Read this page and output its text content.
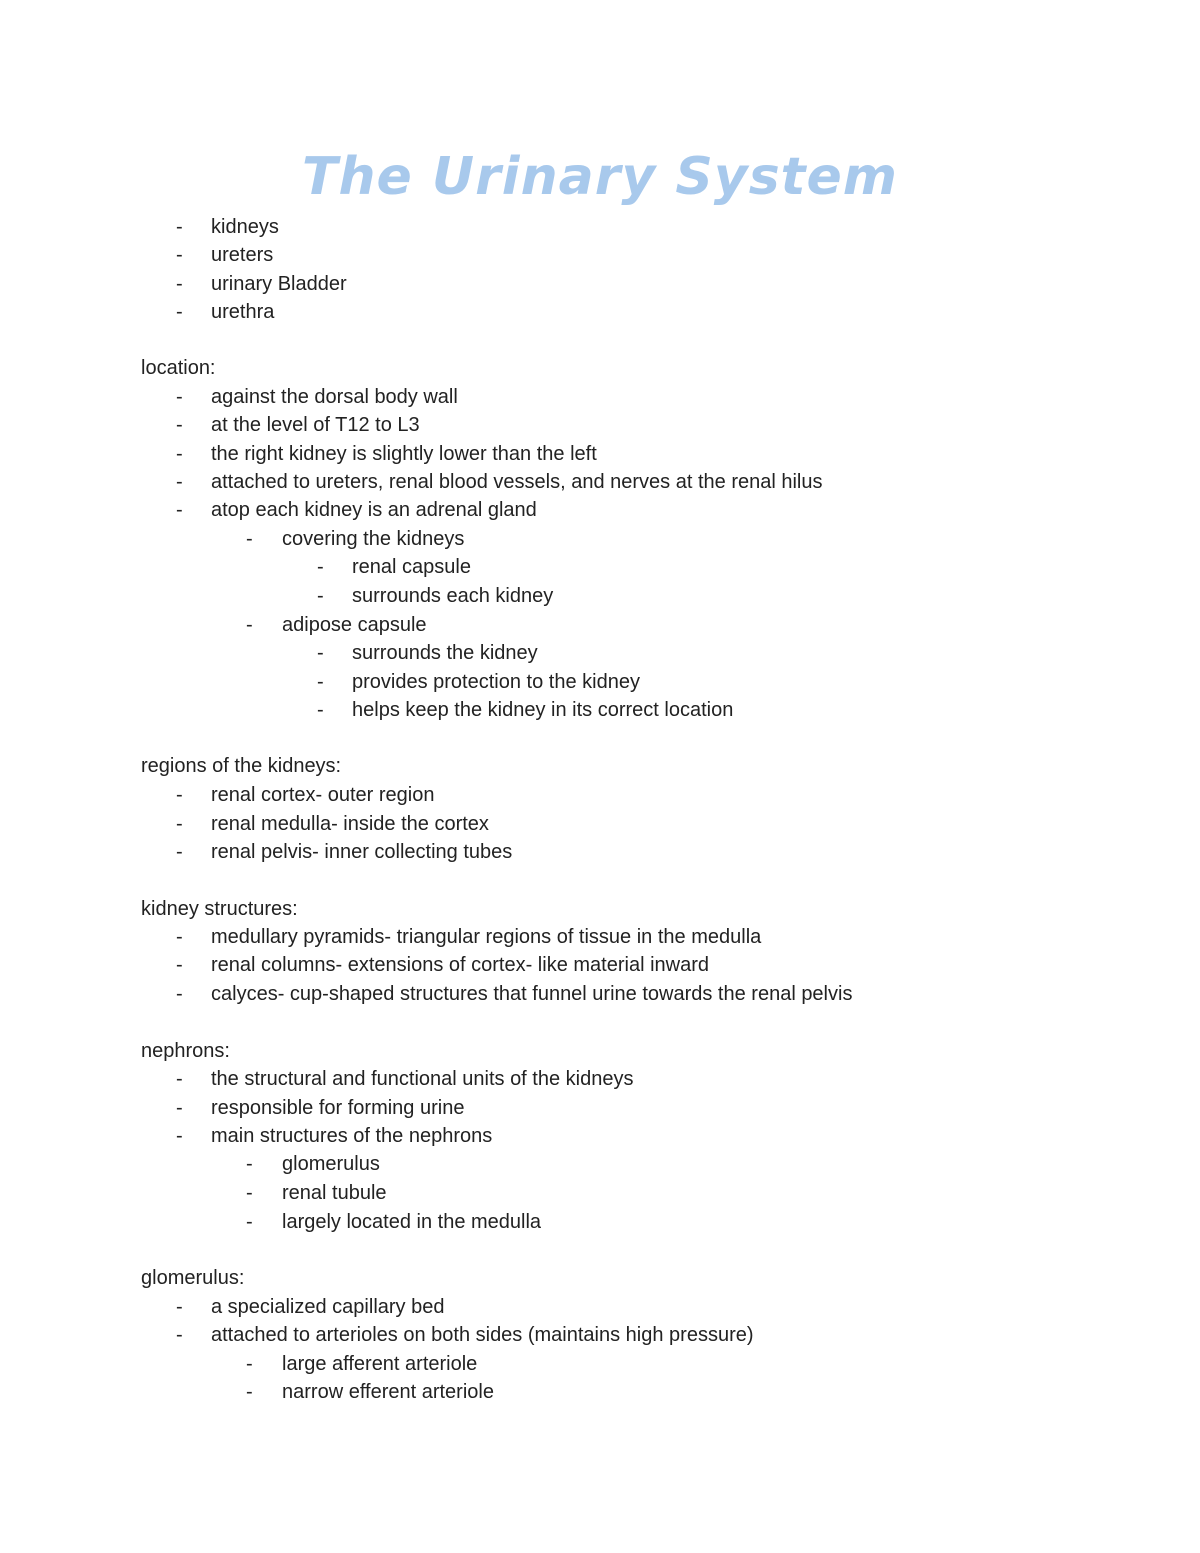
The Urinary System
- kidneys
- ureters
- urinary Bladder
- urethra
location:
- against the dorsal body wall
- at the level of T12 to L3
- the right kidney is slightly lower than the left
- attached to ureters, renal blood vessels, and nerves at the renal hilus
- atop each kidney is an adrenal gland
- covering the kidneys
- renal capsule
- surrounds each kidney
- adipose capsule
- surrounds the kidney
- provides protection to the kidney
- helps keep the kidney in its correct location
regions of the kidneys:
- renal cortex- outer region
- renal medulla- inside the cortex
- renal pelvis- inner collecting tubes
kidney structures:
- medullary pyramids- triangular regions of tissue in the medulla
- renal columns- extensions of cortex- like material inward
- calyces- cup-shaped structures that funnel urine towards the renal pelvis
nephrons:
- the structural and functional units of the kidneys
- responsible for forming urine
- main structures of the nephrons
- glomerulus
- renal tubule
- largely located in the medulla
glomerulus:
- a specialized capillary bed
- attached to arterioles on both sides (maintains high pressure)
- large afferent arteriole
- narrow efferent arteriole
